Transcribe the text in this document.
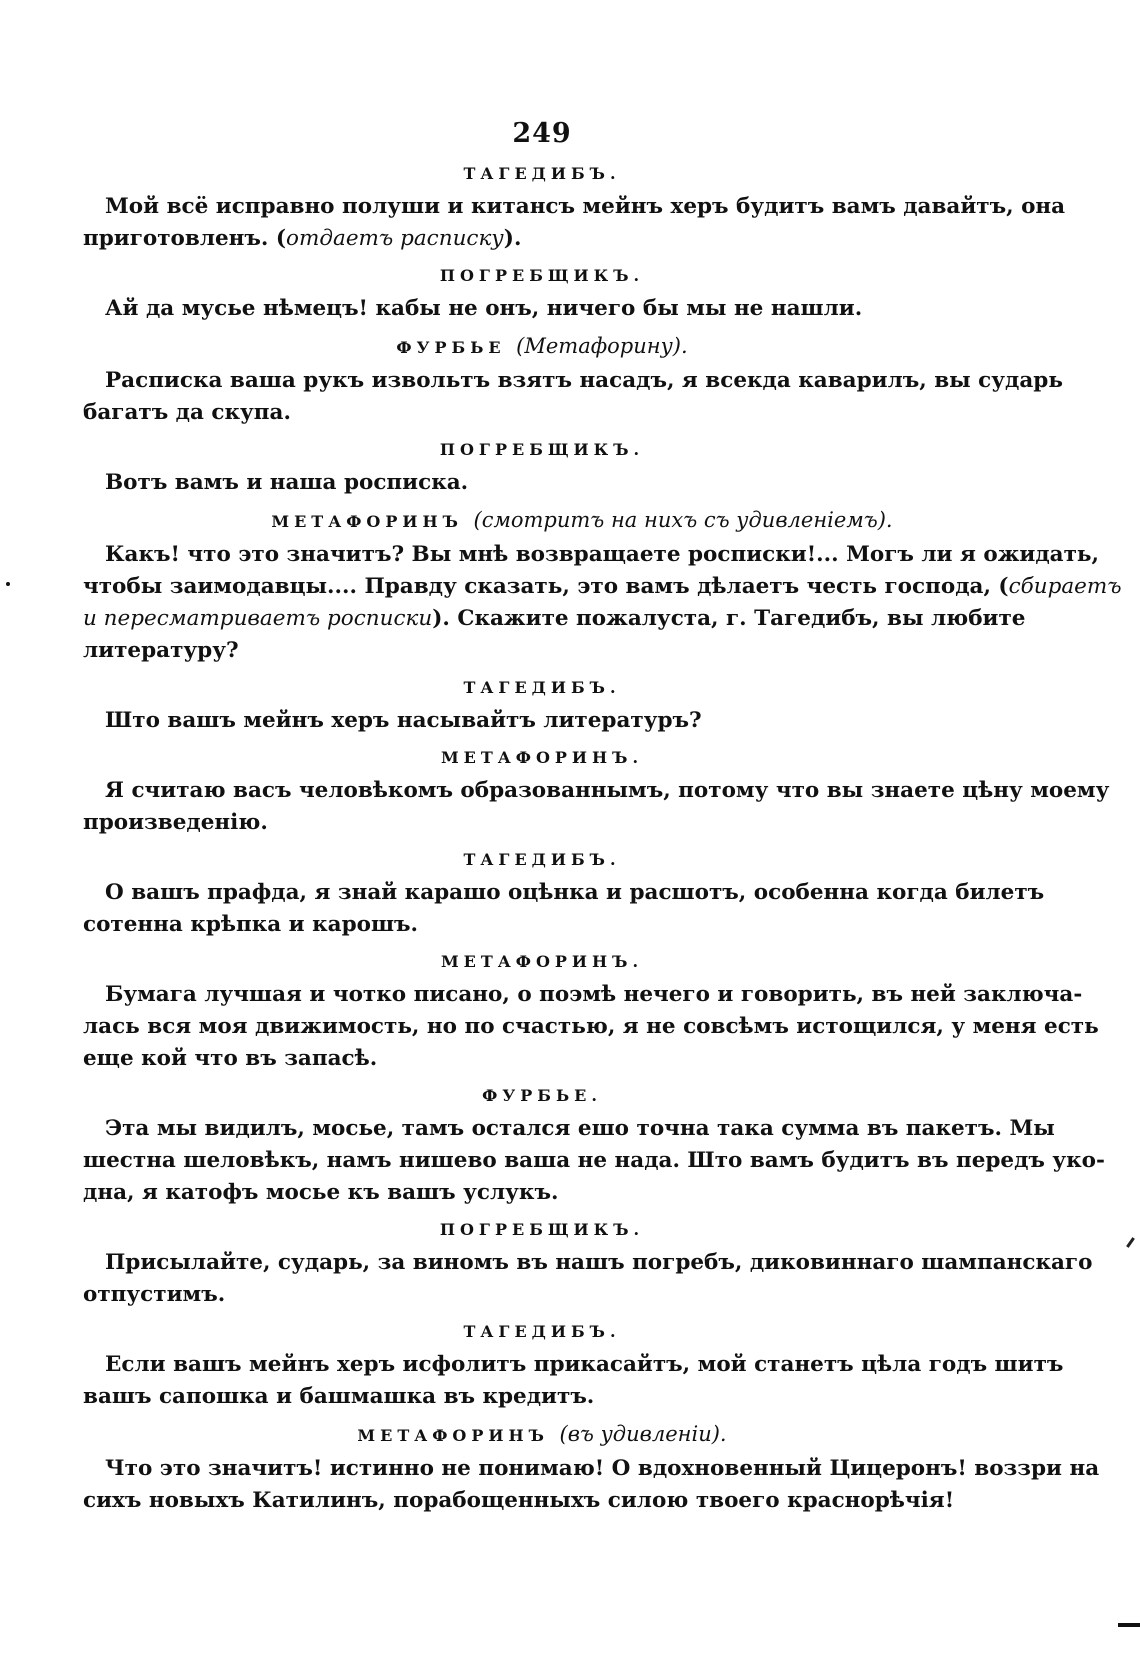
249
ТАГЕДИБЪ.
Мой всё исправно полуши и китансъ мейнъ херъ будитъ вамъ давайтъ, она
приготовленъ. (отдаетъ расписку).
ПОГРЕБЩИКЪ.
Ай да мусье нѣмецъ! кабы не онъ, ничего бы мы не нашли.
ФУРБЬЕ (Метафорину).
Расписка ваша рукъ извольтъ взятъ насадъ, я всекда каварилъ, вы сударь
багатъ да скупа.
ПОГРЕБЩИКЪ.
Вотъ вамъ и наша росписка.
МЕТАФОРИНЪ (смотритъ на нихъ съ удивленіемъ).
Какъ! что это значитъ? Вы мнѣ возвращаете росписки!... Могъ ли я ожидать,
чтобы заимодавцы.... Правду сказать, это вамъ дѣлаетъ честь господа, (сбираетъ
и пересматриваетъ росписки). Скажите пожалуста, г. Тагедибъ, вы любите
литературу?
ТАГЕДИБЪ.
Што вашъ мейнъ херъ насывайтъ литературъ?
МЕТАФОРИНЪ.
Я считаю васъ человѣкомъ образованнымъ, потому что вы знаете цѣну моему
произведенію.
ТАГЕДИБЪ.
О вашъ прафда, я знай карашо оцѣнка и расшотъ, особенна когда билетъ
сотенна крѣпка и карошъ.
МЕТАФОРИНЪ.
Бумага лучшая и чотко писано, о поэмѣ нечего и говорить, въ ней заключа-
лась вся моя движимость, но по счастью, я не совсѣмъ истощился, у меня есть
еще кой что въ запасѣ.
ФУРБЬЕ.
Эта мы видилъ, мосье, тамъ остался ешо точна така сумма въ пакетъ. Мы
шестна шеловѣкъ, намъ нишево ваша не нада. Што вамъ будитъ въ передъ уко-
дна, я катофъ мосье къ вашъ услукъ.
ПОГРЕБЩИКЪ.
Присылайте, сударь, за виномъ въ нашъ погребъ, диковиннаго шампанскаго
отпустимъ.
ТАГЕДИБЪ.
Если вашъ мейнъ херъ исфолитъ прикасайтъ, мой станетъ цѣла годъ шитъ
вашъ сапошка и башмашка въ кредитъ.
МЕТАФОРИНЪ (въ удивленіи).
Что это значитъ! истинно не понимаю! О вдохновенный Цицеронъ! воззри на
сихъ новыхъ Катилинъ, порабощенныхъ силою твоего краснорѣчія!
